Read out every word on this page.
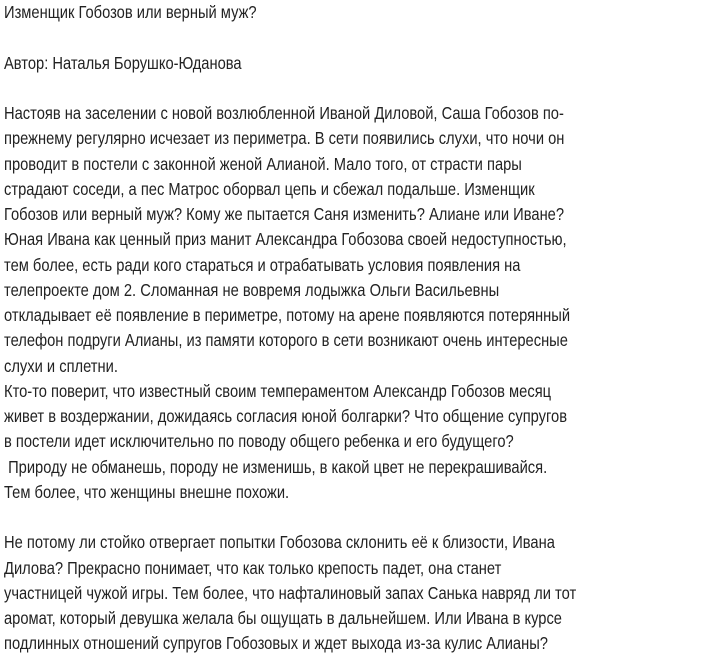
Изменщик Гобозов или верный муж?
Автор: Наталья Борушко-Юданова
Настояв на заселении с новой возлюбленной Иваной Диловой, Саша Гобозов по-
прежнему регулярно исчезает из периметра. В сети появились слухи, что ночи он
проводит в постели с законной женой Алианой. Мало того, от страсти пары
страдают соседи, а пес Матрос оборвал цепь и сбежал подальше. Изменщик
Гобозов или верный муж? Кому же пытается Саня изменить? Алиане или Иване?
Юная Ивана как ценный приз манит Александра Гобозова своей недоступностью,
тем более, есть ради кого стараться и отрабатывать условия появления на
телепроекте дом 2. Сломанная не вовремя лодыжка Ольги Васильевны
откладывает её появление в периметре, потому на арене появляются потерянный
телефон подруги Алианы, из памяти которого в сети возникают очень интересные
слухи и сплетни.
Кто-то поверит, что известный своим темпераментом Александр Гобозов месяц
живет в воздержании, дожидаясь согласия юной болгарки? Что общение супругов
в постели идет исключительно по поводу общего ребенка и его будущего?
Природу не обманешь, породу не изменишь, в какой цвет не перекрашивайся.
Тем более, что женщины внешне похожи.
Не потому ли стойко отвергает попытки Гобозова склонить её к близости, Ивана
Дилова? Прекрасно понимает, что как только крепость падет, она станет
участницей чужой игры. Тем более, что нафталиновый запах Санька навряд ли тот
аромат, который девушка желала бы ощущать в дальнейшем. Или Ивана в курсе
подлинных отношений супругов Гобозовых и ждет выхода из-за кулис Алианы?
